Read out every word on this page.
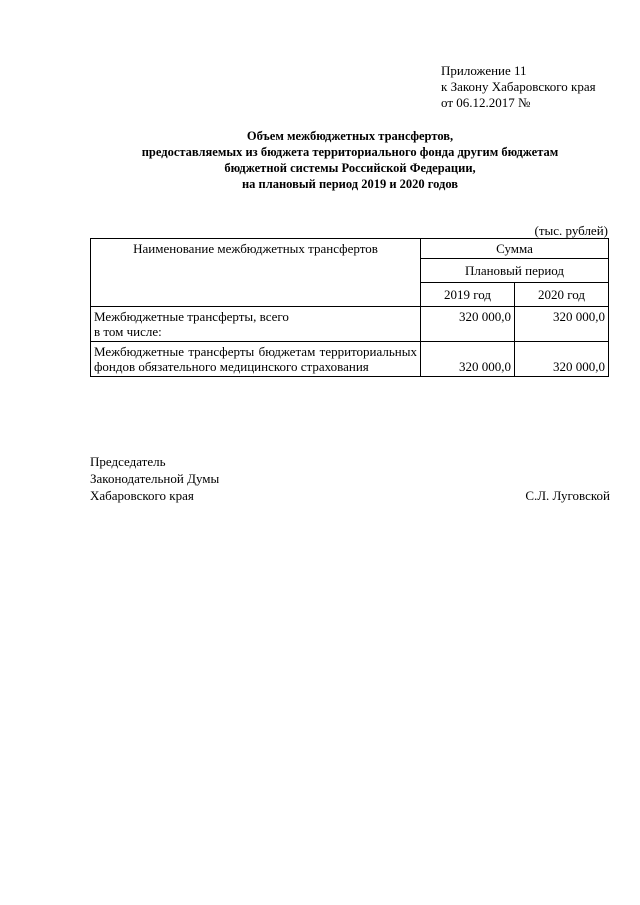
Приложение 11
к Закону Хабаровского края
от 06.12.2017 №
Объем межбюджетных трансфертов,
предоставляемых из бюджета территориального фонда другим бюджетам
бюджетной системы Российской Федерации,
на плановый период 2019 и 2020 годов
(тыс. рублей)
Наименование межбюджетных трансфертов	Сумма	
	Плановый период	
	2019 год	2020 год

Межбюджетные трансферты, всего
в том числе:	320 000,0	320 000,0
Межбюджетные трансферты бюджетам территориальных фондов обязательного медицинского страхования	320 000,0	320 000,0
Председатель
Законодательной Думы
Хабаровского края	С.Л. Луговской
